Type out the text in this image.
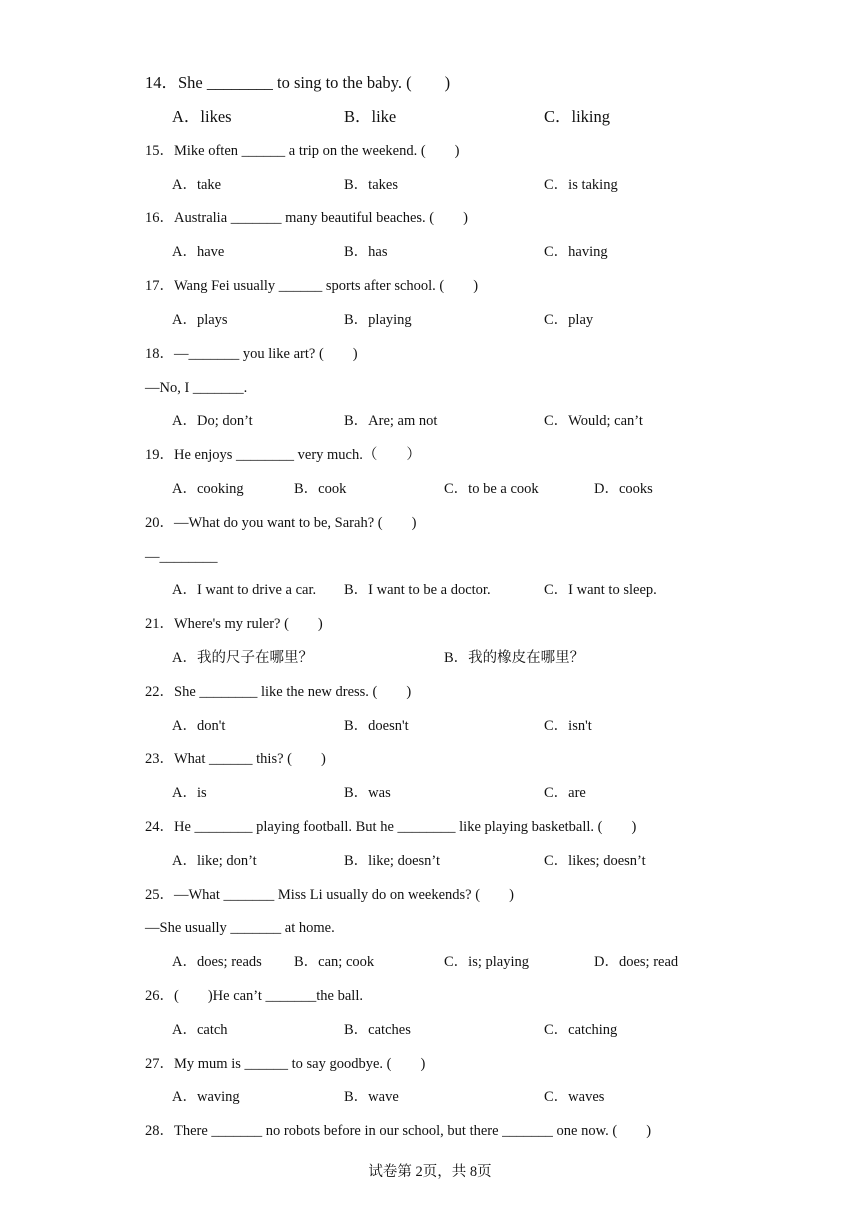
14．She ________ to sing to the baby. (　　)
A．likes	B．like	C．liking
15．Mike often ______ a trip on the weekend. (　　)
A．take	B．takes	C．is taking
16．Australia _______ many beautiful beaches. (　　)
A．have	B．has	C．having
17．Wang Fei usually ______ sports after school. (　　)
A．plays	B．playing	C．play
18．—_______ you like art? (　　)
—No, I _______.
A．Do; don’t	B．Are; am not	C．Would; can’t
19．He enjoys ________ very much.（　　）
A．cooking	B．cook	C．to be a cook	D．cooks
20．—What do you want to be, Sarah? (　　)
—________
A．I want to drive a car. B．I want to be a doctor.	C．I want to sleep.
21．Where's my ruler? (　　)
A．我的尺子在哪里？	B．我的橡皮在哪里？
22．She ________ like the new dress. (　　)
A．don't	B．doesn't	C．isn't
23．What ______ this? (　　)
A．is	B．was	C．are
24．He ________ playing football. But he ________ like playing basketball. (　　)
A．like; don’t	B．like; doesn’t	C．likes; doesn’t
25．—What _______ Miss Li usually do on weekends? (　　)
—She usually _______ at home.
A．does; reads B．can; cook	C．is; playing	D．does; read
26．(　　)He can’t _______the ball.
A．catch	B．catches	C．catching
27．My mum is ______ to say goodbye. (　　)
A．waving	B．wave	C．waves
28．There _______ no robots before in our school, but there _______ one now. (　　)
试卷第 2页，共 8页
